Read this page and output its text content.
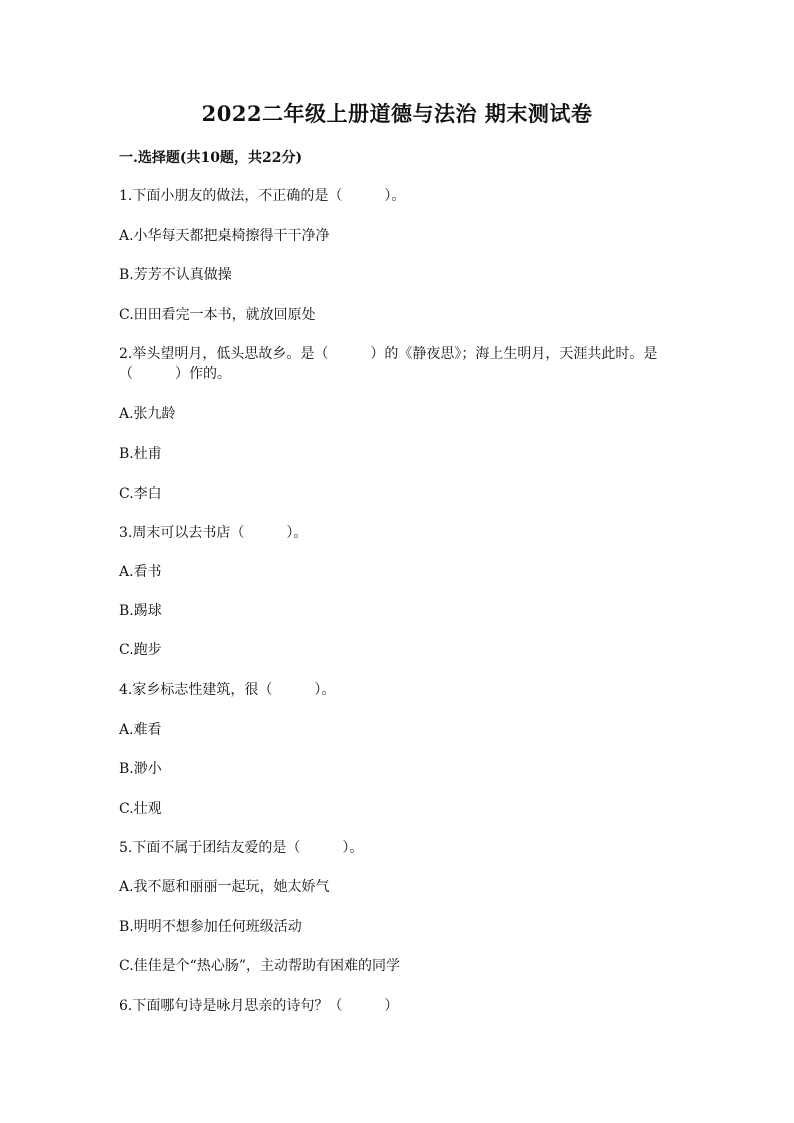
2022二年级上册道德与法治 期末测试卷
一.选择题(共10题，共22分)

1.下面小朋友的做法，不正确的是（　　　）。

A.小华每天都把桌椅擦得干干净净

B.芳芳不认真做操

C.田田看完一本书，就放回原处

2.举头望明月，低头思故乡。是（　　　）的《静夜思》；海上生明月，天涯共此时。是（　　　）作的。

A.张九龄

B.杜甫

C.李白

3.周末可以去书店（　　　）。

A.看书

B.踢球

C.跑步

4.家乡标志性建筑，很（　　　）。

A.难看

B.渺小

C.壮观

5.下面不属于团结友爱的是（　　　）。

A.我不愿和丽丽一起玩，她太娇气

B.明明不想参加任何班级活动

C.佳佳是个“热心肠”，主动帮助有困难的同学

6.下面哪句诗是咏月思亲的诗句？（　　　）
